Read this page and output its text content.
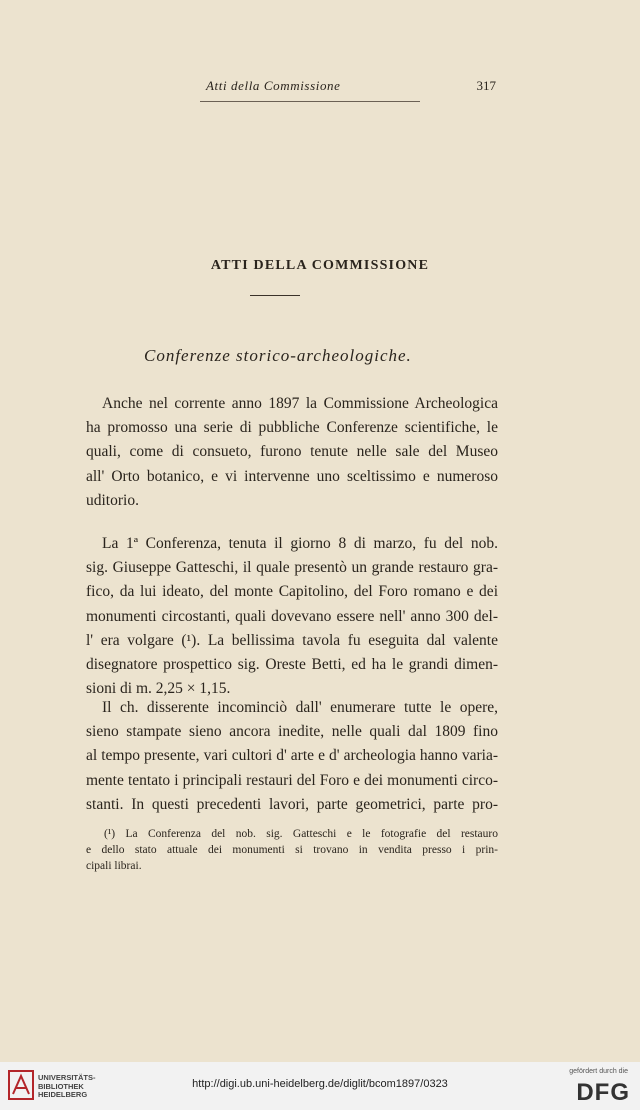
Atti della Commissione	317
ATTI DELLA COMMISSIONE
Conferenze storico-archeologiche.
Anche nel corrente anno 1897 la Commissione Archeologica
ha promosso una serie di pubbliche Conferenze scientifiche, le
quali, come di consueto, furono tenute nelle sale del Museo
all' Orto botanico, e vi intervenne uno sceltissimo e numeroso
uditorio.
La 1ª Conferenza, tenuta il giorno 8 di marzo, fu del nob.
sig. Giuseppe Gatteschi, il quale presentò un grande restauro gra-
fico, da lui ideato, del monte Capitolino, del Foro romano e dei
monumenti circostanti, quali dovevano essere nell' anno 300 del-
l' era volgare (¹). La bellissima tavola fu eseguita dal valente
disegnatore prospettico sig. Oreste Betti, ed ha le grandi dimen-
sioni di m. 2,25 × 1,15.
Il ch. disserente incominciò dall' enumerare tutte le opere,
sieno stampate sieno ancora inedite, nelle quali dal 1809 fino
al tempo presente, vari cultori d' arte e d' archeologia hanno varia-
mente tentato i principali restauri del Foro e dei monumenti circo-
stanti. In questi precedenti lavori, parte geometrici, parte pro-
(¹) La Conferenza del nob. sig. Gatteschi e le fotografie del restauro
e dello stato attuale dei monumenti si trovano in vendita presso i prin-
cipali librai.
UNIVERSITÄTS-
BIBLIOTHEK
HEIDELBERG
http://digi.ub.uni-heidelberg.de/diglit/bcom1897/0323
gefördert durch die
DFG
